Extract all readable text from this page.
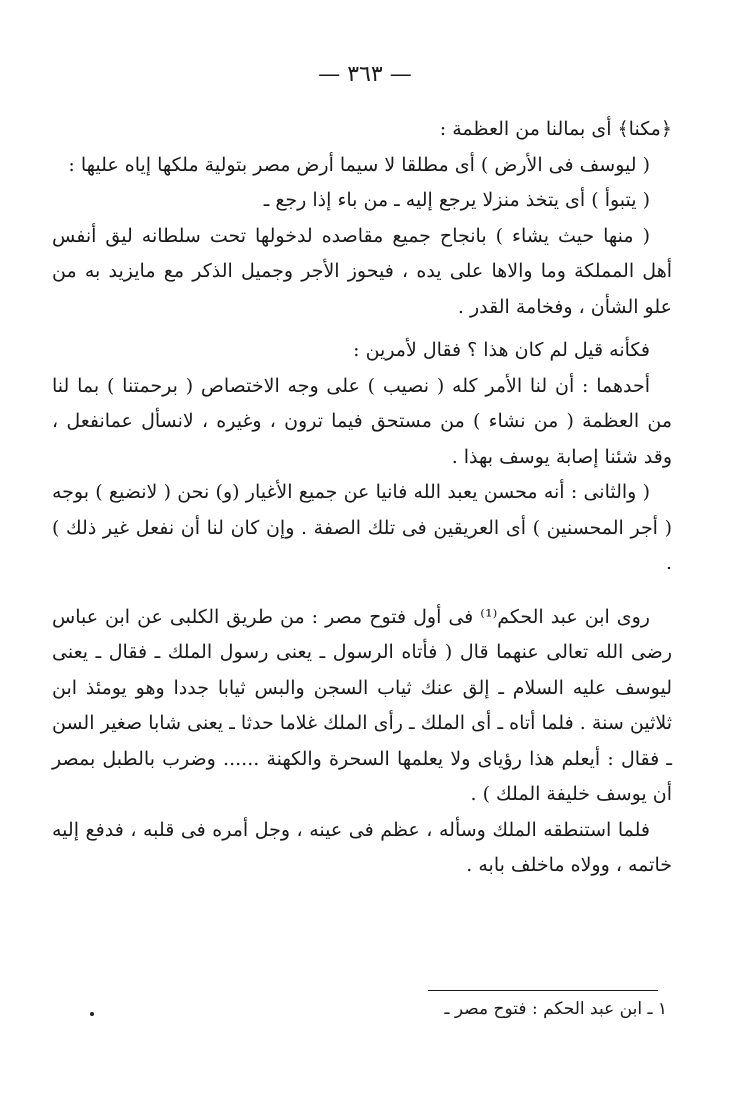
— ٣٦٣ —

﴿مكنا﴾ أى بمالنا من العظمة :

( ليوسف فى الأرض ) أى مطلقا لا سيما أرض مصر بتولية ملكها إياه عليها :

( يتبوأ ) أى يتخذ منزلا يرجع إليه ـ من باء إذا رجع ـ

( منها حيث يشاء ) بانجاح جميع مقاصده لدخولها تحت سلطانه ليق أنفس أهل المملكة وما والاها على يده ، فيحوز الأجر وجميل الذكر مع مايزيد به من علو الشأن ، وفخامة القدر .

فكأنه قيل لم كان هذا ؟ فقال لأمرين :

أحدهما : أن لنا الأمر كله ( نصيب ) على وجه الاختصاص ( برحمتنا ) بما لنا من العظمة ( من نشاء ) من مستحق فيما ترون ، وغيره ، لانسأل عمانفعل ، وقد شئنا إصابة يوسف بهذا .

( والثانى : أنه محسن يعبد الله فانيا عن جميع الأغيار (و) نحن ( لانضيع ) بوجه ( أجر المحسنين ) أى العريقين فى تلك الصفة . وإن كان لنا أن نفعل غير ذلك ) .

روى ابن عبد الحكم⁽¹⁾ فى أول فتوح مصر : من طريق الكلبى عن ابن عباس رضى الله تعالى عنهما قال ( فأتاه الرسول ـ يعنى رسول الملك ـ فقال ـ يعنى ليوسف عليه السلام ـ إلق عنك ثياب السجن والبس ثيابا جددا وهو يومئذ ابن ثلاثين سنة . فلما أتاه ـ أى الملك ـ رأى الملك غلاما حدثا ـ يعنى شابا صغير السن ـ فقال : أيعلم هذا رؤياى ولا يعلمها السحرة والكهنة ...... وضرب بالطبل بمصر أن يوسف خليفة الملك ) .

فلما استنطقه الملك وسأله ، عظم فى عينه ، وجل أمره فى قلبه ، فدفع إليه خاتمه ، وولاه ماخلف بابه .

١ ـ ابن عبد الحكم : فتوح مصر ـ
